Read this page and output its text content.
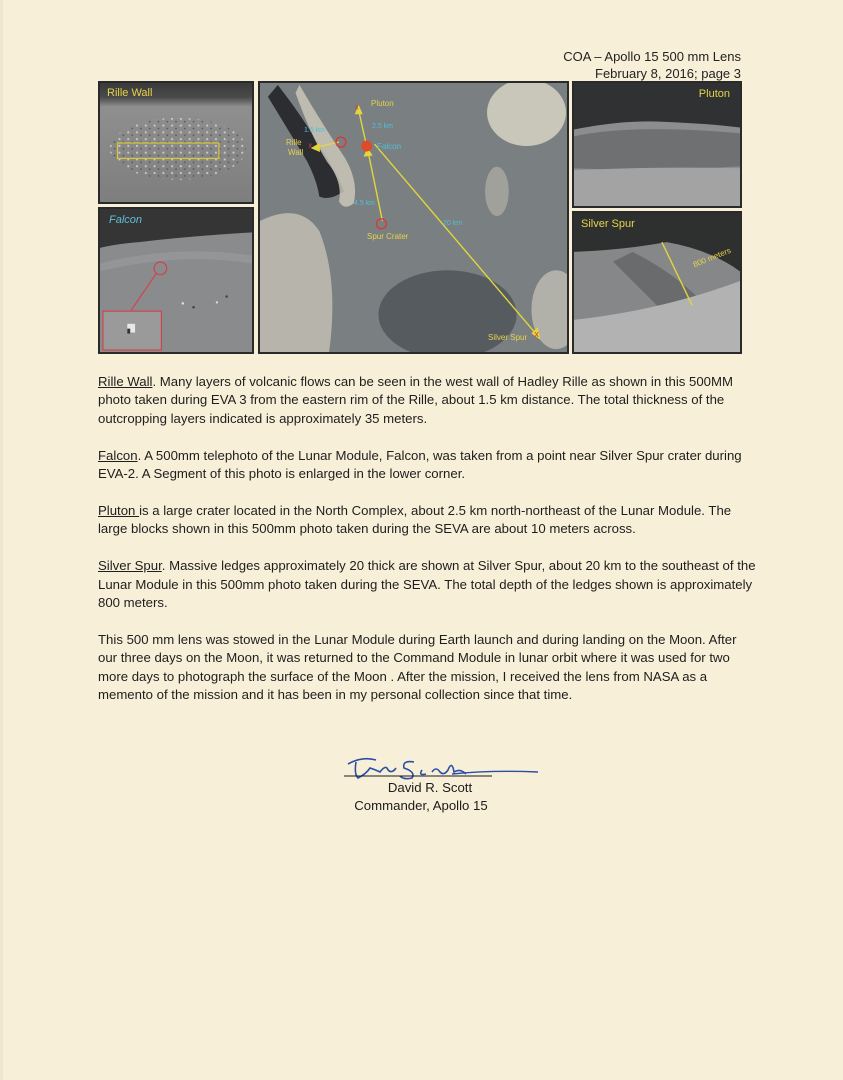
COA – Apollo 15 500 mm Lens
February 8, 2016; page 3
Rille Wall
Falcon
x
x
x
Pluton
1.5 km
2.5 km
Rille
Wall
Falcon
4.5 km
Spur Crater
20 km
Silver Spur
Pluton
Silver Spur
800 meters

Rille Wall. Many layers of volcanic flows can be seen in the west wall of Hadley Rille as shown in this 500MM photo taken during EVA 3 from the eastern rim of the Rille, about 1.5 km distance. The total thickness of the outcropping layers indicated is approximately 35 meters.

Falcon. A 500mm telephoto of the Lunar Module, Falcon, was taken from a point near Silver Spur crater during EVA-2. A Segment of this photo is enlarged in the lower corner.

Pluton is a large crater located in the North Complex, about 2.5 km north-northeast of the Lunar Module. The large blocks shown in this 500mm photo taken during the SEVA are about 10 meters across.

Silver Spur. Massive ledges approximately 20 thick are shown at Silver Spur, about 20 km to the southeast of the Lunar Module in this 500mm photo taken during the SEVA. The total depth of the ledges shown is approximately 800 meters.

This 500 mm lens was stowed in the Lunar Module during Earth launch and during landing on the Moon. After our three days on the Moon, it was returned to the Command Module in lunar orbit where it was used for two more days to photograph the surface of the Moon . After the mission, I received the lens from NASA as a memento of the mission and it has been in my personal collection since that time.

David R. Scott
Commander, Apollo 15
